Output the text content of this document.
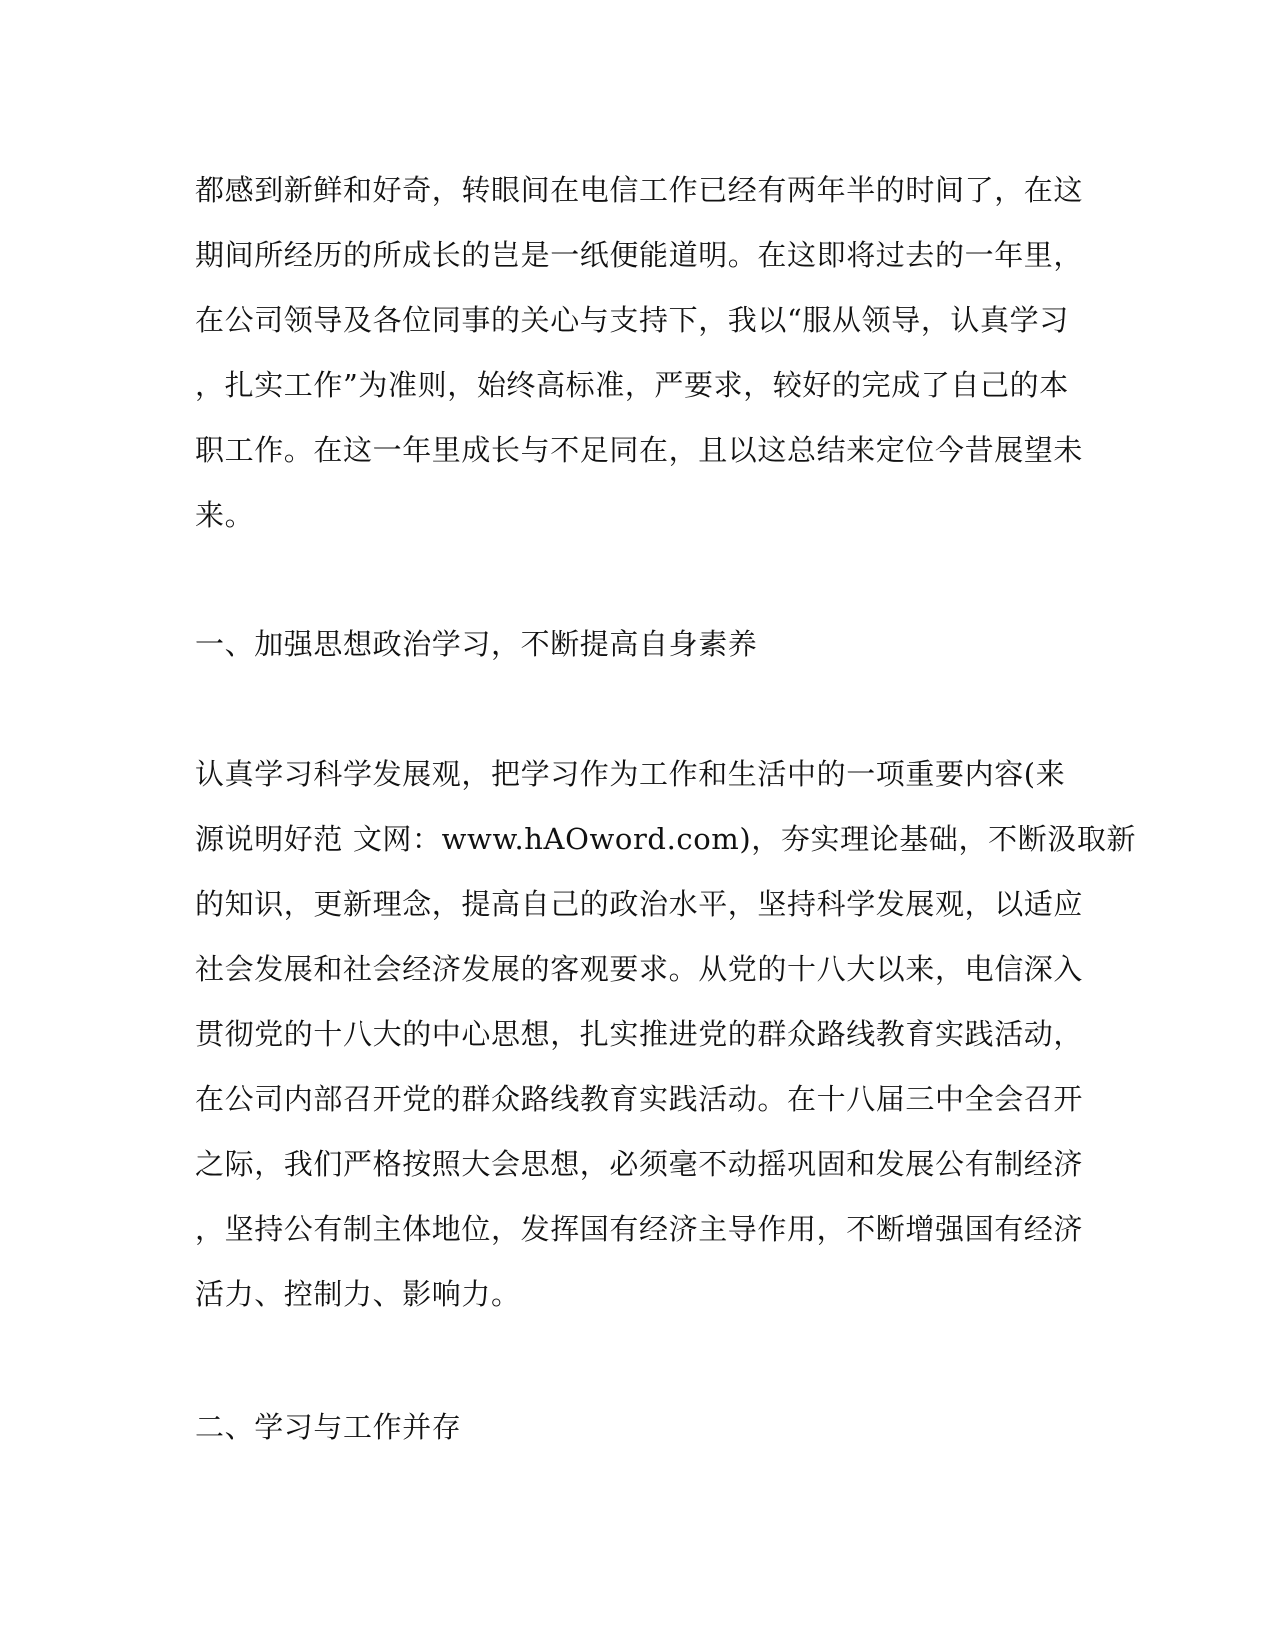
都感到新鲜和好奇，转眼间在电信工作已经有两年半的时间了，在这
期间所经历的所成长的岂是一纸便能道明。在这即将过去的一年里，
在公司领导及各位同事的关心与支持下，我以“服从领导，认真学习
，扎实工作”为准则，始终高标准，严要求，较好的完成了自己的本
职工作。在这一年里成长与不足同在，且以这总结来定位今昔展望未
来。
一、加强思想政治学习，不断提高自身素养
认真学习科学发展观，把学习作为工作和生活中的一项重要内容(来
源说明好范 文网：www.hAOword.com)，夯实理论基础，不断汲取新
的知识，更新理念，提高自己的政治水平，坚持科学发展观，以适应
社会发展和社会经济发展的客观要求。从党的十八大以来，电信深入
贯彻党的十八大的中心思想，扎实推进党的群众路线教育实践活动，
在公司内部召开党的群众路线教育实践活动。在十八届三中全会召开
之际，我们严格按照大会思想，必须毫不动摇巩固和发展公有制经济
，坚持公有制主体地位，发挥国有经济主导作用，不断增强国有经济
活力、控制力、影响力。
二、学习与工作并存
